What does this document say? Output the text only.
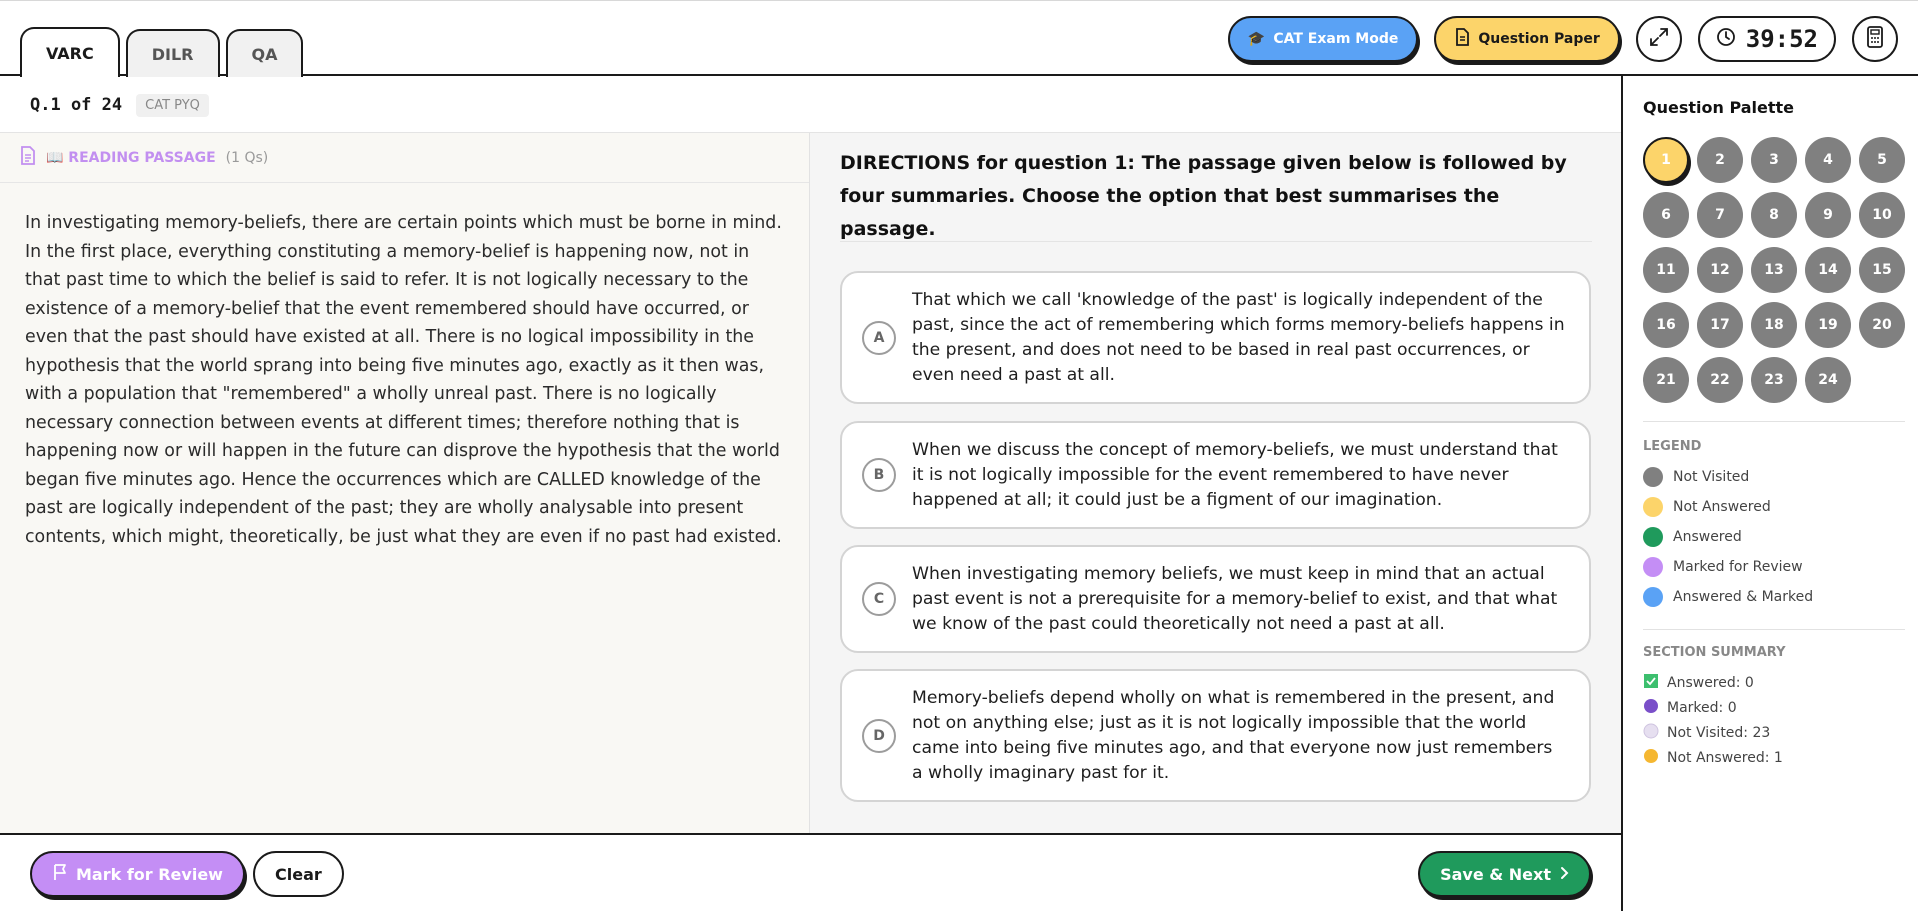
VARC	DILR	QA
🎓 CAT Exam Mode	Question Paper	39:52
Q.1 of 24	CAT PYQ
📖 READING PASSAGE (1 Qs)
In investigating memory-beliefs, there are certain points which must be borne in mind. In the first place, everything constituting a memory-belief is happening now, not in that past time to which the belief is said to refer. It is not logically necessary to the existence of a memory-belief that the event remembered should have occurred, or even that the past should have existed at all. There is no logical impossibility in the hypothesis that the world sprang into being five minutes ago, exactly as it then was, with a population that "remembered" a wholly unreal past. There is no logically necessary connection between events at different times; therefore nothing that is happening now or will happen in the future can disprove the hypothesis that the world began five minutes ago. Hence the occurrences which are CALLED knowledge of the past are logically independent of the past; they are wholly analysable into present contents, which might, theoretically, be just what they are even if no past had existed.
DIRECTIONS for question 1: The passage given below is followed by four summaries. Choose the option that best summarises the passage.
A
That which we call 'knowledge of the past' is logically independent of the past, since the act of remembering which forms memory-beliefs happens in the present, and does not need to be based in real past occurrences, or even need a past at all.
B
When we discuss the concept of memory-beliefs, we must understand that it is not logically impossible for the event remembered to have never happened at all; it could just be a figment of our imagination.
C
When investigating memory beliefs, we must keep in mind that an actual past event is not a prerequisite for a memory-belief to exist, and that what we know of the past could theoretically not need a past at all.
D
Memory-beliefs depend wholly on what is remembered in the present, and not on anything else; just as it is not logically impossible that the world came into being five minutes ago, and that everyone now just remembers a wholly imaginary past for it.
Mark for Review	Clear	Save & Next
Question Palette
1	2	3	4	5
6	7	8	9	10
11	12	13	14	15
16	17	18	19	20
21	22	23	24
LEGEND
Not Visited
Not Answered
Answered
Marked for Review
Answered & Marked
SECTION SUMMARY
Answered: 0
Marked: 0
Not Visited: 23
Not Answered: 1
